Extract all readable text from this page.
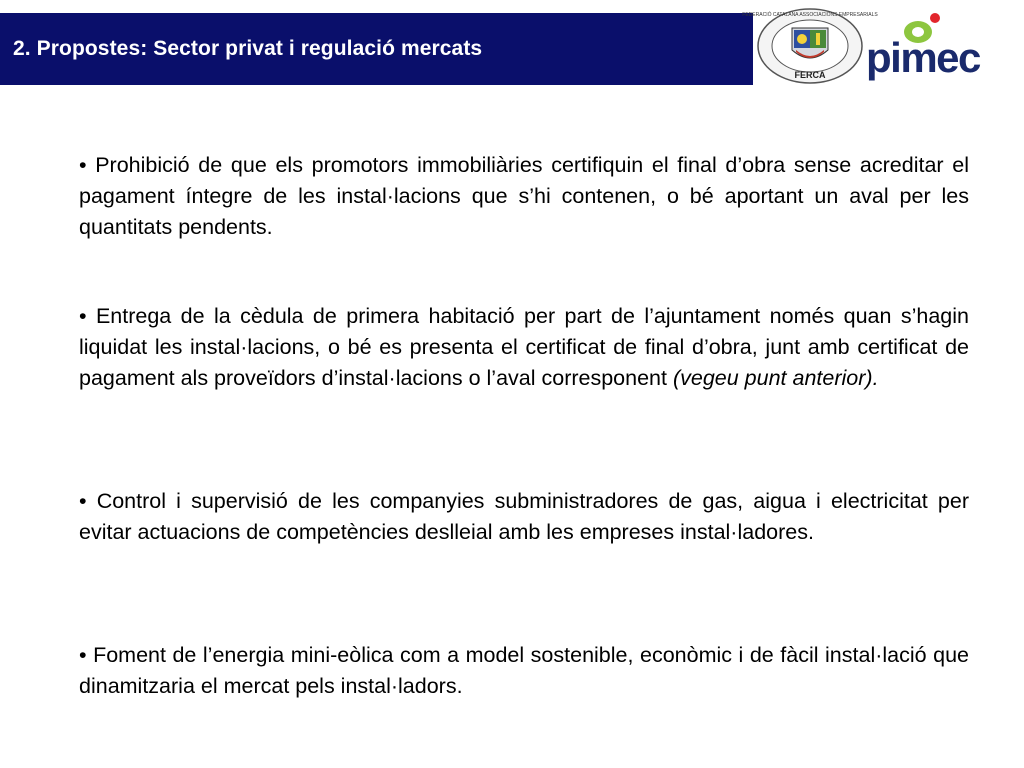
2. Propostes: Sector privat i regulació mercats
FEDERACIÓ CATALANA ASSOCIACIONS EMPRESARIALS
FERCA pimec

• Prohibició de que els promotors immobiliàries certifiquin el final d’obra sense acreditar el pagament íntegre de les instal·lacions que s’hi contenen, o bé aportant un aval per les quantitats pendents.

• Entrega de la cèdula de primera habitació per part de l’ajuntament només quan s’hagin liquidat les instal·lacions, o bé es presenta el certificat de final d’obra, junt amb certificat de pagament als proveïdors d’instal·lacions o l’aval corresponent (vegeu punt anterior).

• Control i supervisió de les companyies subministradores de gas, aigua i electricitat per evitar actuacions de competències deslleial amb les empreses instal·ladores.

• Foment de l’energia mini-eòlica com a model sostenible, econòmic i de fàcil instal·lació que dinamitzaria el mercat pels instal·ladors.
